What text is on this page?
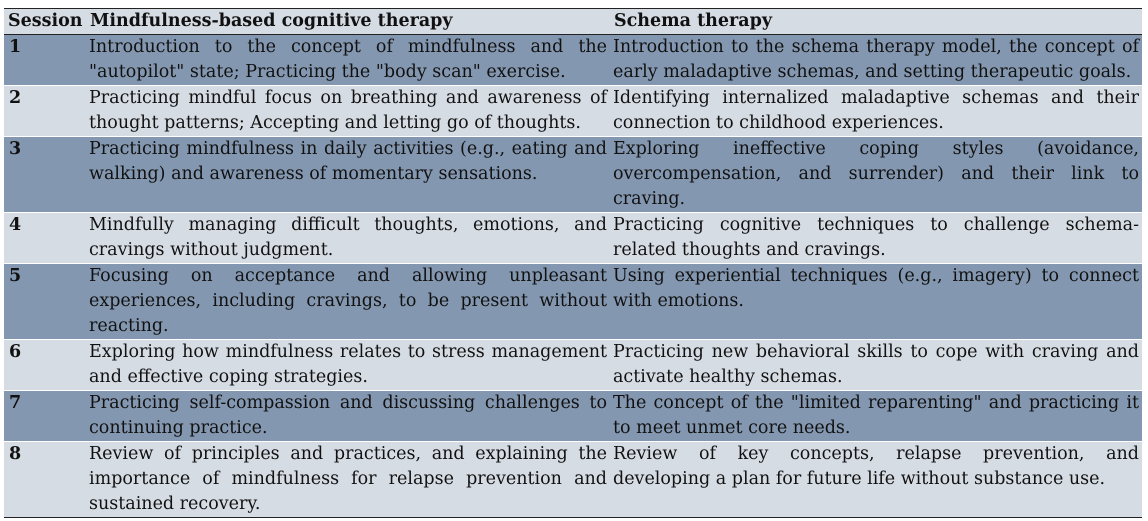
Session	Mindfulness-based cognitive therapy	Schema therapy
1	Introduction to the concept of mindfulness and the "autopilot" state; Practicing the "body scan" exercise.	Introduction to the schema therapy model, the concept of early maladaptive schemas, and setting therapeutic goals.
2	Practicing mindful focus on breathing and awareness of thought patterns; Accepting and letting go of thoughts.	Identifying internalized maladaptive schemas and their connection to childhood experiences.
3	Practicing mindfulness in daily activities (e.g., eating and walking) and awareness of momentary sensations.	Exploring ineffective coping styles (avoidance, overcompensation, and surrender) and their link to craving.
4	Mindfully managing difficult thoughts, emotions, and cravings without judgment.	Practicing cognitive techniques to challenge schema-related thoughts and cravings.
5	Focusing on acceptance and allowing unpleasant experiences, including cravings, to be present without reacting.	Using experiential techniques (e.g., imagery) to connect with emotions.
6	Exploring how mindfulness relates to stress management and effective coping strategies.	Practicing new behavioral skills to cope with craving and activate healthy schemas.
7	Practicing self-compassion and discussing challenges to continuing practice.	The concept of the "limited reparenting" and practicing it to meet unmet core needs.
8	Review of principles and practices, and explaining the importance of mindfulness for relapse prevention and sustained recovery.	Review of key concepts, relapse prevention, and developing a plan for future life without substance use.
